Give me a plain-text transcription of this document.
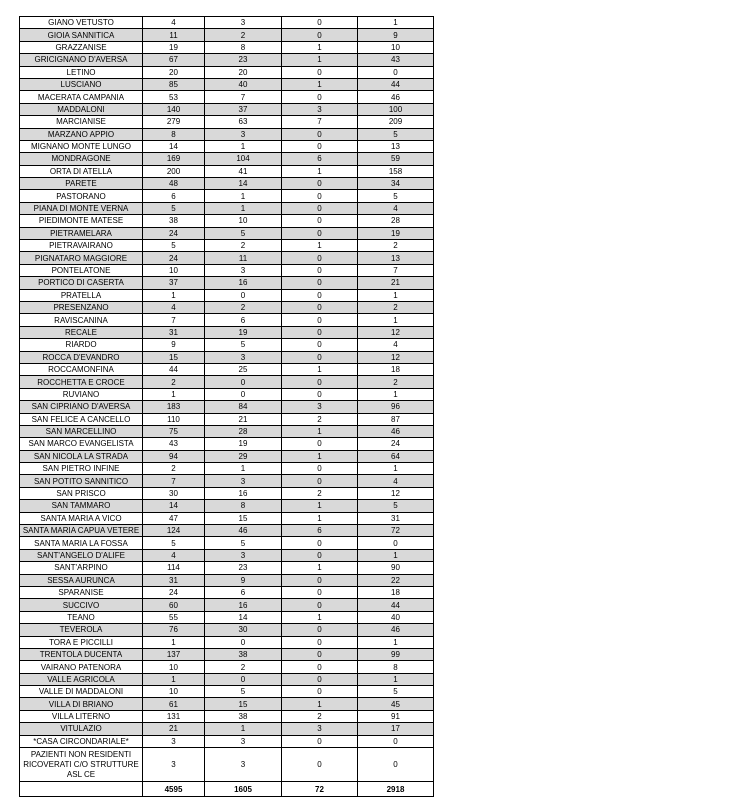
GIANO VETUSTO	4	3	0	1
GIOIA SANNITICA	11	2	0	9
GRAZZANISE	19	8	1	10
GRICIGNANO D'AVERSA	67	23	1	43
LETINO	20	20	0	0
LUSCIANO	85	40	1	44
MACERATA CAMPANIA	53	7	0	46
MADDALONI	140	37	3	100
MARCIANISE	279	63	7	209
MARZANO APPIO	8	3	0	5
MIGNANO MONTE LUNGO	14	1	0	13
MONDRAGONE	169	104	6	59
ORTA DI ATELLA	200	41	1	158
PARETE	48	14	0	34
PASTORANO	6	1	0	5
PIANA DI MONTE VERNA	5	1	0	4
PIEDIMONTE MATESE	38	10	0	28
PIETRAMELARA	24	5	0	19
PIETRAVAIRANO	5	2	1	2
PIGNATARO MAGGIORE	24	11	0	13
PONTELATONE	10	3	0	7
PORTICO DI CASERTA	37	16	0	21
PRATELLA	1	0	0	1
PRESENZANO	4	2	0	2
RAVISCANINA	7	6	0	1
RECALE	31	19	0	12
RIARDO	9	5	0	4
ROCCA D'EVANDRO	15	3	0	12
ROCCAMONFINA	44	25	1	18
ROCCHETTA E CROCE	2	0	0	2
RUVIANO	1	0	0	1
SAN CIPRIANO D'AVERSA	183	84	3	96
SAN FELICE A CANCELLO	110	21	2	87
SAN MARCELLINO	75	28	1	46
SAN MARCO EVANGELISTA	43	19	0	24
SAN NICOLA LA STRADA	94	29	1	64
SAN PIETRO INFINE	2	1	0	1
SAN POTITO SANNITICO	7	3	0	4
SAN PRISCO	30	16	2	12
SAN TAMMARO	14	8	1	5
SANTA MARIA A VICO	47	15	1	31
SANTA MARIA CAPUA VETERE	124	46	6	72
SANTA MARIA LA FOSSA	5	5	0	0
SANT'ANGELO D'ALIFE	4	3	0	1
SANT'ARPINO	114	23	1	90
SESSA AURUNCA	31	9	0	22
SPARANISE	24	6	0	18
SUCCIVO	60	16	0	44
TEANO	55	14	1	40
TEVEROLA	76	30	0	46
TORA E PICCILLI	1	0	0	1
TRENTOLA DUCENTA	137	38	0	99
VAIRANO PATENORA	10	2	0	8
VALLE AGRICOLA	1	0	0	1
VALLE DI MADDALONI	10	5	0	5
VILLA DI BRIANO	61	15	1	45
VILLA LITERNO	131	38	2	91
VITULAZIO	21	1	3	17
*CASA CIRCONDARIALE*	3	3	0	0
PAZIENTI NON RESIDENTI RICOVERATI C/O STRUTTURE ASL CE	3	3	0	0
	4595	1605	72	2918
